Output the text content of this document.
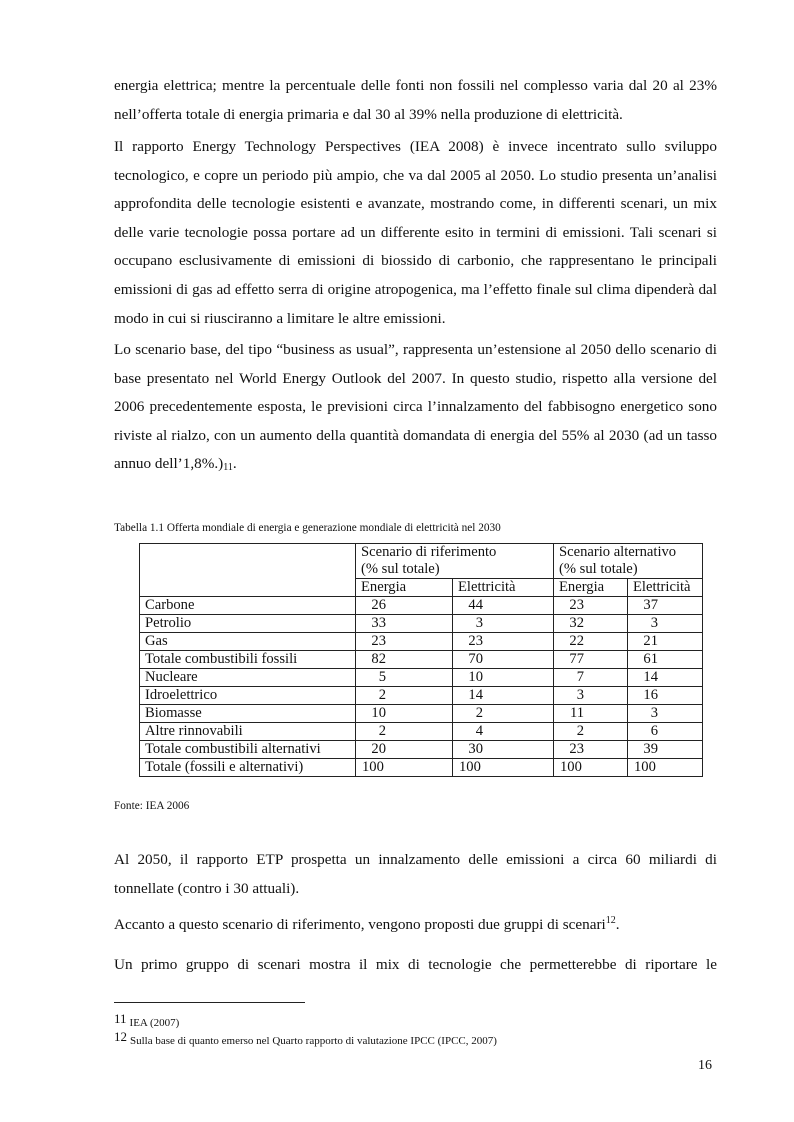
energia elettrica; mentre la percentuale delle fonti non fossili nel complesso varia dal 20 al 23% nell’offerta totale di energia primaria e dal 30 al 39% nella produzione di elettricità.

Il rapporto Energy Technology Perspectives (IEA 2008) è invece incentrato sullo sviluppo tecnologico, e copre un periodo più ampio, che va dal 2005 al 2050. Lo studio presenta un’analisi approfondita delle tecnologie esistenti e avanzate, mostrando come, in differenti scenari, un mix delle varie tecnologie possa portare ad un differente esito in termini di emissioni. Tali scenari si occupano esclusivamente di emissioni di biossido di carbonio, che rappresentano le principali emissioni di gas ad effetto serra di origine atropogenica, ma l’effetto finale sul clima dipenderà dal modo in cui si riusciranno a limitare le altre emissioni.

Lo scenario base, del tipo “business as usual”, rappresenta un’estensione al 2050 dello scenario di base presentato nel World Energy Outlook del 2007. In questo studio, rispetto alla versione del 2006 precedentemente esposta, le previsioni circa l’innalzamento del fabbisogno energetico sono riviste al rialzo, con un aumento della quantità domandata di energia del 55% al 2030 (ad un tasso annuo dell’1,8%.)11.

Tabella 1.1 Offerta mondiale di energia e generazione mondiale di elettricità nel 2030

	Scenario di riferimento
(% sul totale)		Scenario alternativo
(% sul totale)	
	Energia	Elettricità	Energia	Elettricità
Carbone	26	44	23	37
Petrolio	33	3	32	3
Gas	23	23	22	21
Totale combustibili fossili	82	70	77	61
Nucleare	5	10	7	14
Idroelettrico	2	14	3	16
Biomasse	10	2	11	3
Altre rinnovabili	2	4	2	6
Totale combustibili alternativi	20	30	23	39
Totale (fossili e alternativi)	100	100	100	100

Fonte: IEA 2006

Al 2050, il rapporto ETP prospetta un innalzamento delle emissioni a circa 60 miliardi di tonnellate (contro i 30 attuali).

Accanto a questo scenario di riferimento, vengono proposti due gruppi di scenari$^{12}$.

Un primo gruppo di scenari mostra il mix di tecnologie che permetterebbe di riportare le

11 IEA (2007)

12 Sulla base di quanto emerso nel Quarto rapporto di valutazione IPCC (IPCC, 2007)

16
